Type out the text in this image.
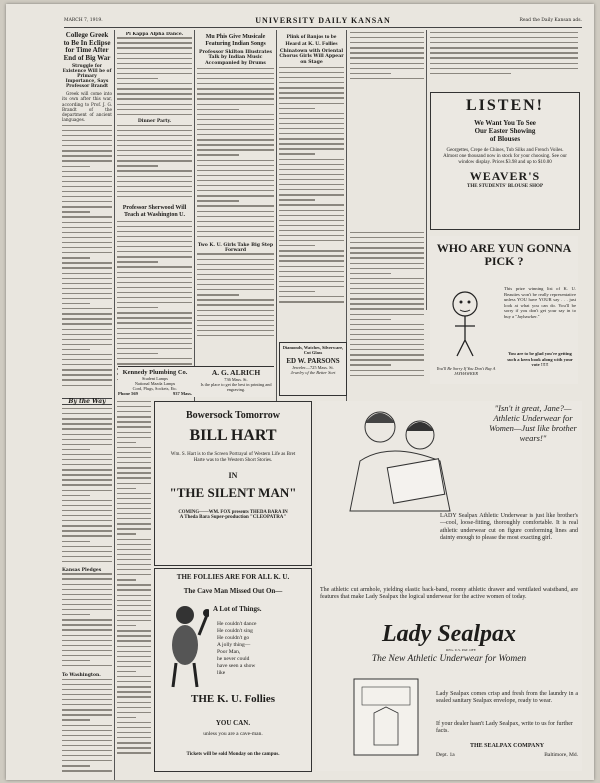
MARCH 7, 1919.	UNIVERSITY DAILY KANSAN	Read the Daily Kansan ads.
College Greek to Be In Eclipse for Time After End of Big War
Struggle for Existence Will be of Primary Importance, Says Professor Brandt

Greek will come into its own after this war, according to Prof. J. G. Brandt of the department of ancient languages.

By the Way
Kansas Pledges
To Washington.
Pi Kappa Alpha Dance.
Dinner Party.
Professor Sherwood Will Teach at Washington U.
Kennedy Plumbing Co.
Student Lamps
National Mazda Lamps
Cord, Plugs, Sockets, Etc.
Phone 569	937 Mass.
Mu Phis Give Musicale Featuring Indian Songs
Professor Skilton Illustrates Talk by Indian Music Accompanied by Drums
Two K. U. Girls Take Big Step Forward
A. G. ALRICH
736 Mass. St.
Is the place to get the best in printing and engraving.
Plink of Banjos to be Heard at K. U. Follies
Chinatown with Oriental Chorus Girls Will Appear on Stage
Diamonds, Watches, Silverware, Cut Glass
ED W. PARSONS
Jeweler—725 Mass. St.
Jewelry of the Better Sort
LISTEN!
We Want You To See
Our Easter Showing
of Blouses
Georgettes, Crepe de Chines, Tub Silks and French Voiles. Almost one thousand now in stock for your choosing. See our window display. Prices $3.98 and up to $10.00
WEAVER'S
THE STUDENTS' BLOUSE SHOP
WHO ARE YUN GONNA PICK ?
This prize winning list of K. U. Beauties won't be really representative unless YOU have YOUR say . . . just look at what you can do. You'll be sorry if you don't get your say in to buy a "Jayhawker."
You are to be glad you're getting such a keen book along with your vote !!!!!
You'll Be Sorry If You Don't Buy A JAYHAWKER
Bowersock Tomorrow
BILL HART
Wm. S. Hart is to the Screen Portrayal of Western Life as Bret Harte was to the Western Short Stories.
IN
"THE SILENT MAN"
COMING——WM. FOX presents THEDA BARA IN
A Theda Bara Super-production "CLEOPATRA"
THE FOLLIES ARE FOR ALL K. U.
The Cave Man Missed Out On—
A Lot of Things.
He couldn't dance
He couldn't sing
He couldn't go
A jolly thing—
Poor Man,
he never could
have seen a show
like
THE K. U. Follies
YOU CAN.
unless you are a cave-man.
Tickets will be sold Monday on the campus.
"Isn't it great, Jane?—Athletic Underwear for Women—Just like brother wears!"
LADY Sealpax Athletic Underwear is just like brother's—cool, loose-fitting, thoroughly comfortable. It is real athletic underwear cut on figure conforming lines and dainty enough to please the most exacting girl.
The athletic cut armhole, yielding elastic back-band, roomy athletic drawer and ventilated waistband, are features that make Lady Sealpax the logical underwear for the active women of today.
Lady Sealpax
REG. U.S. PAT. OFF.
The New Athletic Underwear for Women
Lady Sealpax comes crisp and fresh from the laundry in a sealed sanitary Sealpax envelope, ready to wear.
If your dealer hasn't Lady Sealpax, write to us for further facts.
THE SEALPAX COMPANY
Dept. 1a	Baltimore, Md.
